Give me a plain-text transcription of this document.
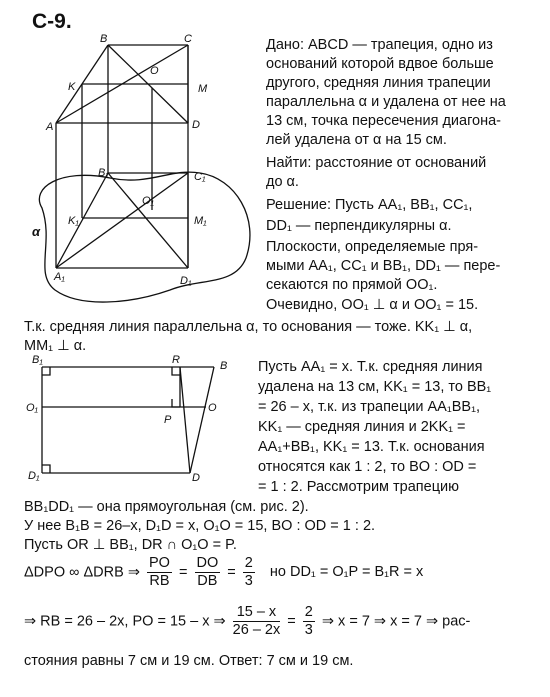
С-9.
B	C
O
K	M
A	D
B₁	C₁
O₁
K₁	M₁
A₁	D₁
α
Дано: ABCD — трапеция, одно из
оснований которой вдвое больше
другого, средняя линия трапеции
параллельна α и удалена от нее на
13 см, точка пересечения диагона-
лей удалена от α на 15 см.
Найти: расстояние от оснований
до α.
Решение: Пусть AA₁, BB₁, CC₁,
DD₁ — перпендикулярны α.
Плоскости, определяемые пря-
мыми AA₁, CC₁ и BB₁, DD₁ — пере-
секаются по прямой OO₁.
Очевидно, OO₁ ⊥ α и OO₁ = 15.
Т.к. средняя линия параллельна α, то основания — тоже. KK₁ ⊥ α,
MM₁ ⊥ α.
B₁	R	B
O₁
P
O
D₁	D
Пусть AA₁ = x. Т.к. средняя линия
удалена на 13 см, KK₁ = 13, то BB₁
= 26 – x, т.к. из трапеции AA₁BB₁,
KK₁ — средняя линия и 2KK₁ =
AA₁+BB₁, KK₁ = 13. Т.к. основания
относятся как 1 : 2, то BO : OD =
= 1 : 2. Рассмотрим трапецию
BB₁DD₁ — она прямоугольная (см. рис. 2).
У нее B₁B = 26–x, D₁D = x, O₁O = 15, BO : OD = 1 : 2.
Пусть OR ⊥ BB₁, DR ∩ O₁O = P.
ΔDPO ∞ ΔDRB ⇒ $\frac{PO}{RB} = \frac{DO}{DB} = \frac{2}{3}$ но DD₁ = O₁P = B₁R = x
⇒ RB = 26 – 2x, PO = 15 – x ⇒ $\frac{15 - x}{26 - 2x} = \frac{2}{3}$ ⇒ x = 7 ⇒ x = 7 ⇒ рас-
стояния равны 7 см и 19 см. Ответ: 7 см и 19 см.
